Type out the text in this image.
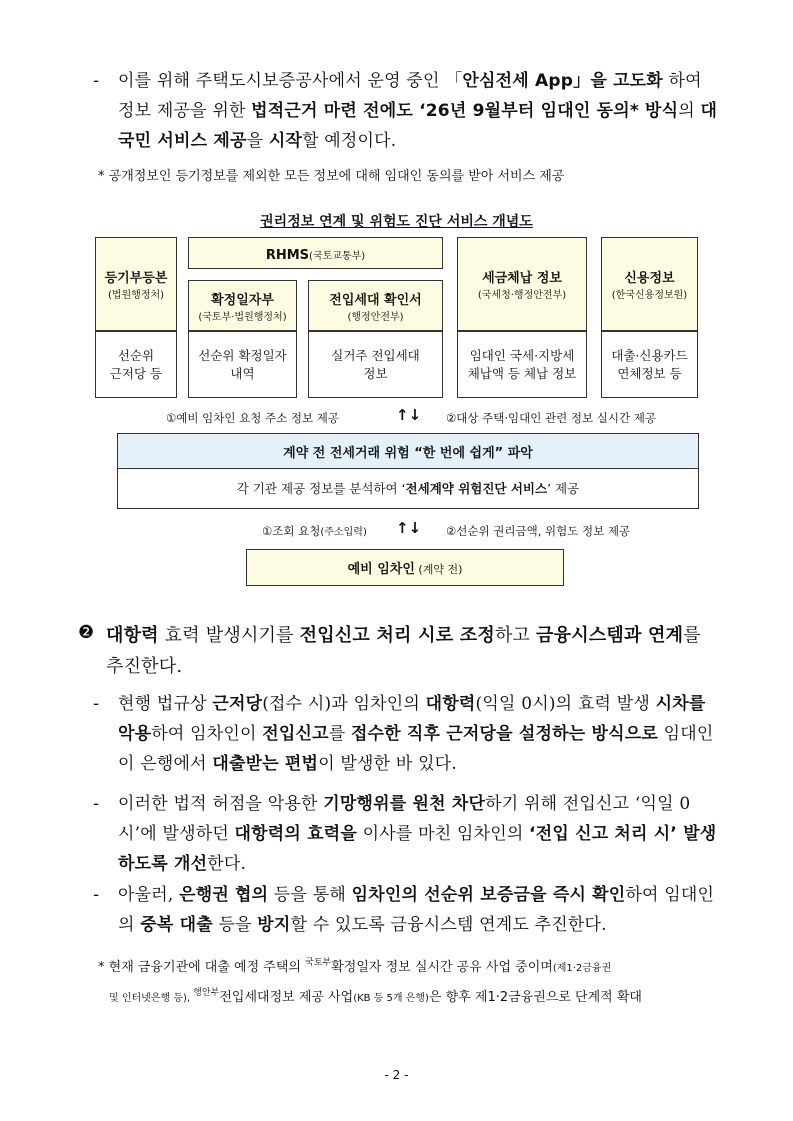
- 이를 위해 주택도시보증공사에서 운영 중인 「안심전세 App」을 고도화 하여 정보 제공을 위한 법적근거 마련 전에도 ‘26년 9월부터 임대인 동의* 방식의 대국민 서비스 제공을 시작할 예정이다.
* 공개정보인 등기정보를 제외한 모든 정보에 대해 임대인 동의를 받아 서비스 제공
권리정보 연계 및 위험도 진단 서비스 개념도
RHMS(국토교통부)
등기부등본
(법원행정처)
선순위
근저당 등
확정일자부
(국토부·법원행정처)
선순위 확정일자
내역
전입세대 확인서
(행정안전부)
실거주 전입세대
정보
세금체납 정보
(국세청·행정안전부)
임대인 국세·지방세
체납액 등 체납 정보
신용정보
(한국신용정보원)
대출·신용카드
연체정보 등
①예비 임차인 요청 주소 정보 제공	↑↓ ②대상 주택·임대인 관련 정보 실시간 제공
계약 전 전세거래 위험 “한 번에 쉽게” 파악
각 기관 제공 정보를 분석하여 ‘전세계약 위험진단 서비스’ 제공
①조회 요청(주소입력) ↑↓ ②선순위 권리금액, 위험도 정보 제공
예비 임차인 (계약 전)
❷ 대항력 효력 발생시기를 전입신고 처리 시로 조정하고 금융시스템과 연계를 추진한다.
- 현행 법규상 근저당(접수 시)과 임차인의 대항력(익일 0시)의 효력 발생 시차를 악용하여 임차인이 전입신고를 접수한 직후 근저당을 설정하는 방식으로 임대인이 은행에서 대출받는 편법이 발생한 바 있다.
- 이러한 법적 허점을 악용한 기망행위를 원천 차단하기 위해 전입신고 ‘익일 0시’에 발생하던 대항력의 효력을 이사를 마친 임차인의 ‘전입 신고 처리 시’ 발생하도록 개선한다.
- 아울러, 은행권 협의 등을 통해 임차인의 선순위 보증금을 즉시 확인하여 임대인의 중복 대출 등을 방지할 수 있도록 금융시스템 연계도 추진한다.
* 현재 금융기관에 대출 예정 주택의 $^{국토부}$확정일자 정보 실시간 공유 사업 중이며(제1·2금융권
및 인터넷은행 등), $^{행안부}$전입세대정보 제공 사업(KB 등 5개 은행)은 향후 제1·2금융권으로 단계적 확대
- 2 -
